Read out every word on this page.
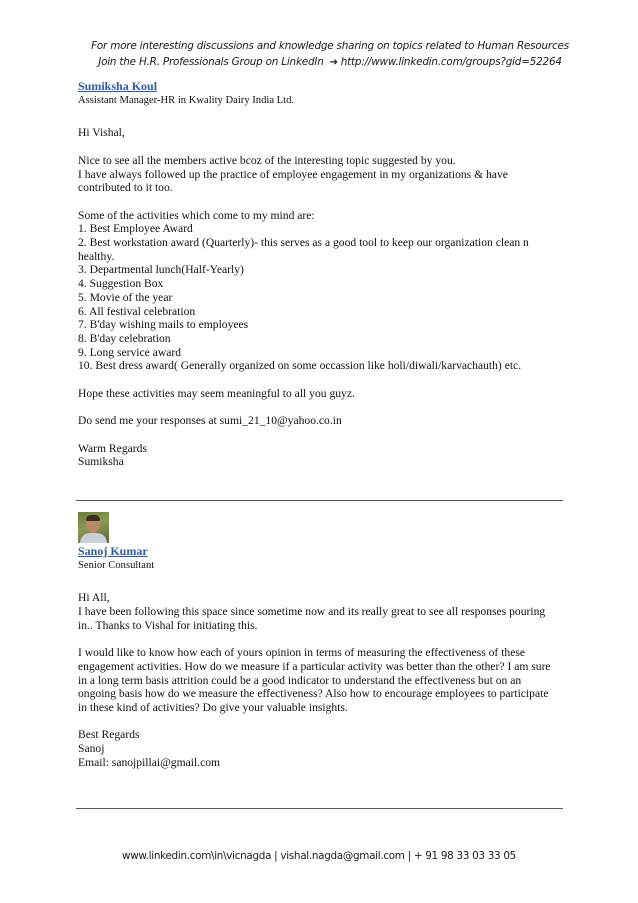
For more interesting discussions and knowledge sharing on topics related to Human Resources
Join the H.R. Professionals Group on LinkedIn ➔ http://www.linkedin.com/groups?gid=52264
Sumiksha Koul
Assistant Manager-HR in Kwality Dairy India Ltd.
Hi Vishal,

Nice to see all the members active bcoz of the interesting topic suggested by you.
I have always followed up the practice of employee engagement in my organizations & have
contributed to it too.

Some of the activities which come to my mind are:
1. Best Employee Award
2. Best workstation award (Quarterly)- this serves as a good tool to keep our organization clean n
healthy.
3. Departmental lunch(Half-Yearly)
4. Suggestion Box
5. Movie of the year
6. All festival celebration
7. B'day wishing mails to employees
8. B'day celebration
9. Long service award
10. Best dress award( Generally organized on some occassion like holi/diwali/karvachauth) etc.

Hope these activities may seem meaningful to all you guyz.

Do send me your responses at sumi_21_10@yahoo.co.in

Warm Regards
Sumiksha
Sanoj Kumar
Senior Consultant
Hi All,
I have been following this space since sometime now and its really great to see all responses pouring
in.. Thanks to Vishal for initiating this.

I would like to know how each of yours opinion in terms of measuring the effectiveness of these
engagement activities. How do we measure if a particular activity was better than the other? I am sure
in a long term basis attrition could be a good indicator to understand the effectiveness but on an
ongoing basis how do we measure the effectiveness? Also how to encourage employees to participate
in these kind of activities? Do give your valuable insights.

Best Regards
Sanoj
Email: sanojpillai@gmail.com
www.linkedin.com\in\vicnagda | vishal.nagda@gmail.com | + 91 98 33 03 33 05
